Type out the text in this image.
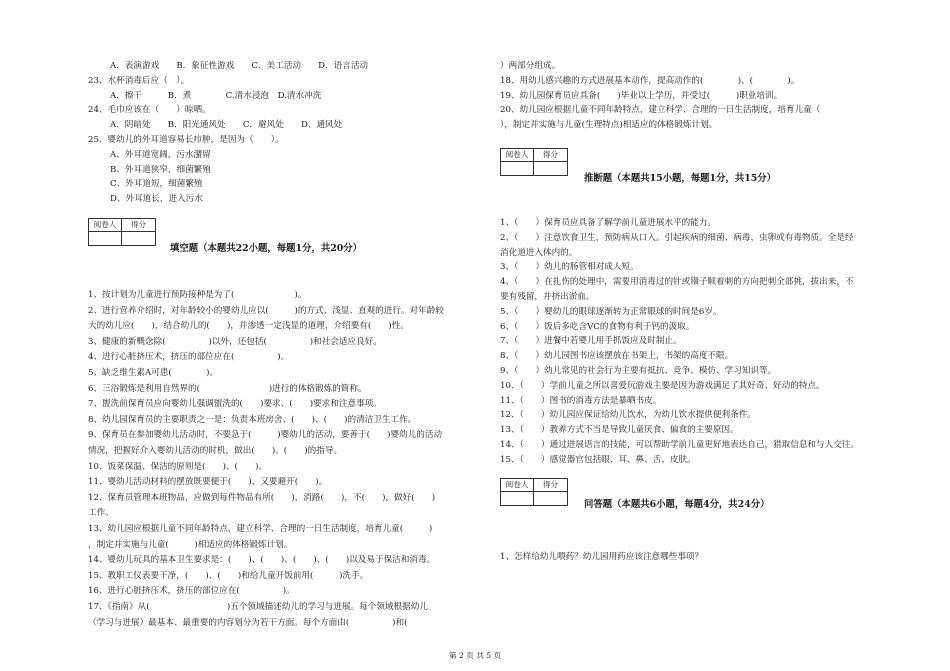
A．表演游戏　　B．象征性游戏　　C．美工活动　　D．语言活动
23、水杯消毒后应（　）。
A．擦干　　　B．煮　　　　C.清水浸泡　D.清水冲洗
24、毛巾应该在（　　）晾晒。
A．阴暗处　　B．阳光通风处　　C．避风处　　D、通风处
25、婴幼儿的外耳道容易长疖肿，是因为（　　）。
A、外耳道宽阔，污水潴留
B、外耳道狭窄，细菌繁殖
C、外耳道短，细菌繁殖
D、外耳道长，进入污水
阅卷人	得分
填空题（本题共22小题，每题1分，共20分）
1、按计划为儿童进行预防接种是为了(　　　　　　　)。
2、进行营养介绍时，对年龄较小的婴幼儿应以(　　　)的方式、浅显、直观的进行。对年龄较
大的幼儿应(　　)，结合幼儿的(　　)，并渗透一定浅显的道理，介绍要有(　　)性。
3、健康的新概念除(　　　　　)以外，还包括(　　　　　)和社会适应良好。
4、进行心脏挤压术，挤压的部位应在(　　　　　)。
5、缺乏维生素A可患(　　　　)。
6、三浴锻炼是利用自然界的(　　　　　　　　)进行的体格锻炼的简称。
7、盥洗前保育员应向婴幼儿强调盥洗的(　　)要求、(　　)要求和注意事项。
8、幼儿园保育员的主要职责之一是：负责本班房舍、(　　)、(　　)的清洁卫生工作。
9、保育员在参加婴幼儿活动时，不要急于(　　　)婴幼儿的活动，要善于(　　)婴幼儿的活动
情况，把握好介入婴幼儿活动的时机，做出(　　)、(　　)的指导。
10、饭菜保温、保洁的原则是(　　)、(　　)。
11、婴幼儿活动材料的摆放既要便于(　　)，又要避开(　　)。
12、保育员管理本班物品，应做到每件物品有所(　　)，消路(　　)，不(　　)，做好(　　)
工作。
13、幼儿园应根据儿童不同年龄特点，建立科学、合理的一日生活制度，培育儿童(　　　)
，制定并实施与儿童(　　　)相适应的体格锻炼计划。
14、婴幼儿玩具的基本卫生要求是：(　　)、(　　)、(　　)、(　　)以及易于保洁和消毒。
15、教职工仪表要干净，(　　)、(　　)和给儿童开饭前用(　　　)洗手。
16、进行心脏挤压术，挤压的部位应在(　　　　　)。
17、《指南》从(　　　　　　　　　)五个领域描述幼儿的学习与进展。每个领域根据幼儿
（学习与进展）最基本、最重要的内容划分为若干方面。每个方面由(　　　　　)和(　
）两部分组成。
18、用幼儿感兴趣的方式进展基本动作，提高动作的(　　　　)、(　　　　)。
19、幼儿园保育员应具备(　　)毕业以上学历，并受过(　　　)职业培训。
20、幼儿园应根据儿童不同年龄特点，建立科学、合理的一日生活制度，培育儿童（
），制定并实施与儿童(生理特点)相适应的体格锻炼计划。
阅卷人	得分
推断题（本题共15小题，每题1分，共15分）
1、（　　）保育员应具备了解学前儿童进展水平的能力。
2、（　　）注意饮食卫生，预防病从口入。引起疾病的细菌、病毒、虫卵或有毒物质。全是经
消化道进入体内的。
3、（　　）幼儿的肠管相对成人短。
4、（　　）在扎伤的处理中，需要用消毒过的针或镊子顺着刺的方向把刺全部挑，拔出来，不
要有残留，并挤出淤血。
5、（　　）婴幼儿的眼球逐渐转为正常眼球的时间是6岁。
6、（　　）饭后多吃含VC的食物有利于钙的汲取。
7、（　　）进餐中若婴儿用手抓饭应及时制止。
8、（　　）幼儿园图书应该摆放在书架上，书架的高度不限。
9、（　　）幼儿常见的社会行为主要有抵抗、竞争、模仿、学习知识等。
10、（　　）学前儿童之所以喜爱玩游戏主要是因为游戏满足了其好奇、好动的特点。
11、（　　）图书的消毒方法是暴晒书皮。
12、（　　）幼儿园应保证给幼儿饮水，为幼儿饮水提供便利条件。
13、（　　）教养方式不当是导致儿童厌食、偏食的主要原因。
14、（　　）通过进展语言的技能，可以帮助学前儿童更好地表达自己，猎取信息和与人交往。
15、（　　）感觉器官包括眼、耳、鼻、舌、皮肤。
阅卷人	得分
问答题（本题共6小题，每题4分，共24分）
1、怎样给幼儿喂药？幼儿园用药应该注意哪些事项？
第 2 页 共 5 页
